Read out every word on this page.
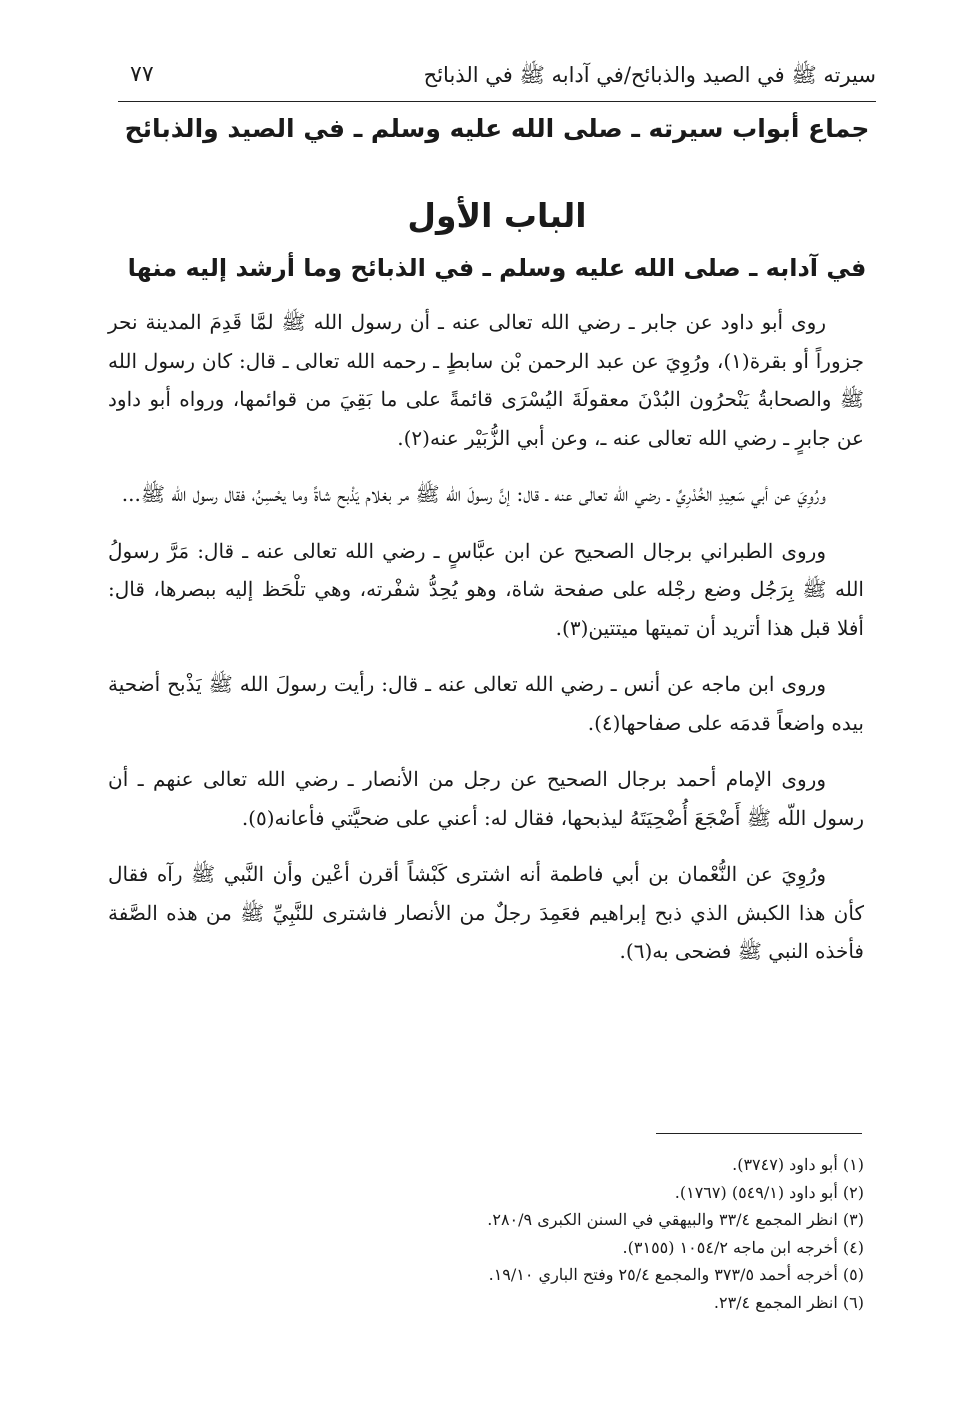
سيرته ﷺ في الصيد والذبائح/في آدابه ﷺ في الذبائح
٧٧
جماع أبواب سيرته ـ صلى الله عليه وسلم ـ في الصيد والذبائح
الباب الأول
في آدابه ـ صلى الله عليه وسلم ـ في الذبائح وما أرشد إليه منها

روى أبو داود عن جابر ـ رضي الله تعالى عنه ـ أن رسول الله ﷺ لمَّا قَدِمَ المدينة نحر جزوراً أو بقرة(١)، ورُوِيَ عن عبد الرحمن بْن سابطٍ ـ رحمه الله تعالى ـ قال: كان رسول الله ﷺ والصحابةُ يَنْحرُون البُدْنَ معقولَةَ اليُسْرَى قائمةً على ما بَقِيَ من قوائمها، ورواه أبو داود عن جابرٍ ـ رضي الله تعالى عنه ـ، وعن أبي الزُّبَيْر عنه(٢).

ورُوِيَ عن أبي سَعِيدِ الخُدْرِيِّ ـ رضي الله تعالى عنه ـ قال: إنَّ رسولَ الله ﷺ مر بغلام يَذْبح شاةً وما يحْسِنُ، فقال رسول الله ﷺ...

وروى الطبراني برجال الصحيح عن ابن عبَّاسٍ ـ رضي الله تعالى عنه ـ قال: مَرَّ رسولُ الله ﷺ بِرَجُل وضع رجْله على صفحة شاة، وهو يُحِدُّ شفْرته، وهي تلْحَظ إليه ببصرها، قال: أفلا قبل هذا أتريد أن تميتها ميتتين(٣).

وروى ابن ماجه عن أنس ـ رضي الله تعالى عنه ـ قال: رأيت رسولَ الله ﷺ يَذْبح أضحية بيده واضعاً قدمَه على صفاحها(٤).

وروى الإمام أحمد برجال الصحيح عن رجل من الأنصار ـ رضي الله تعالى عنهم ـ أن رسول اللّه ﷺ أَضْجَعَ أُضْحِيَتَهُ ليذبحها، فقال له: أعني على ضحيَّتي فأعانه(٥).

ورُوِيَ عن النُّعْمان بن أبي فاطمة أنه اشترى كَبْشاً أقرن أعْين وأن النَّبي ﷺ رآه فقال كأن هذا الكبش الذي ذبح إبراهيم فعَمِدَ رجلٌ من الأنصار فاشترى للنَّبِيِّ ﷺ من هذه الصَّفة فأخذه النبي ﷺ فضحى به(٦).

(١) أبو داود (٣٧٤٧).
(٢) أبو داود (٥٤٩/١) (١٧٦٧).
(٣) انظر المجمع ٣٣/٤ والبيهقي في السنن الكبرى ٢٨٠/٩.
(٤) أخرجه ابن ماجه ١٠٥٤/٢ (٣١٥٥).
(٥) أخرجه أحمد ٣٧٣/٥ والمجمع ٢٥/٤ وفتح الباري ١٩/١٠.
(٦) انظر المجمع ٢٣/٤.
